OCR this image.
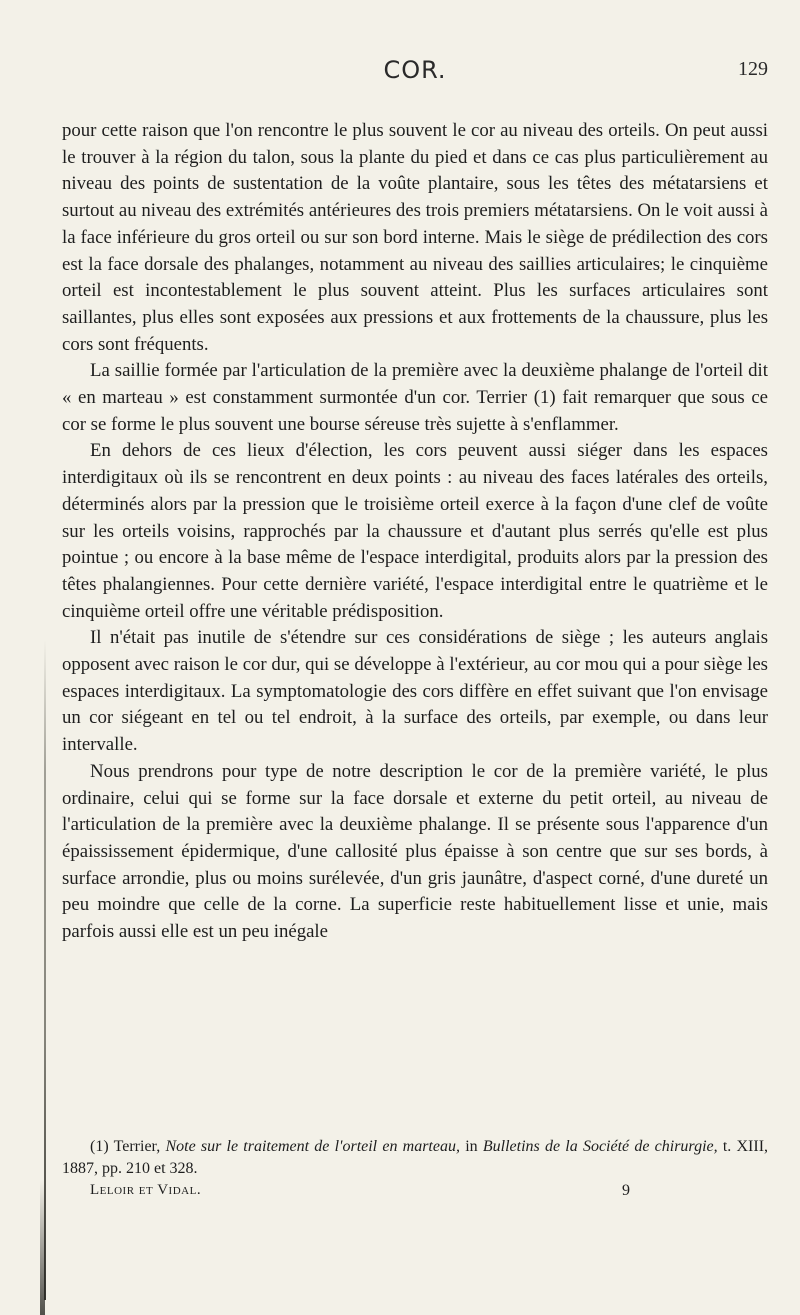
COR.	129

pour cette raison que l'on rencontre le plus souvent le cor au niveau des orteils. On peut aussi le trouver à la région du talon, sous la plante du pied et dans ce cas plus particulièrement au niveau des points de sustentation de la voûte plantaire, sous les têtes des métatarsiens et surtout au niveau des extrémités antérieures des trois premiers métatarsiens. On le voit aussi à la face inférieure du gros orteil ou sur son bord interne. Mais le siège de prédilection des cors est la face dorsale des phalanges, notamment au niveau des saillies articulaires; le cinquième orteil est incontestablement le plus souvent atteint. Plus les surfaces articulaires sont saillantes, plus elles sont exposées aux pressions et aux frottements de la chaussure, plus les cors sont fréquents.

La saillie formée par l'articulation de la première avec la deuxième phalange de l'orteil dit « en marteau » est constamment surmontée d'un cor. Terrier (1) fait remarquer que sous ce cor se forme le plus souvent une bourse séreuse très sujette à s'enflammer.

En dehors de ces lieux d'élection, les cors peuvent aussi siéger dans les espaces interdigitaux où ils se rencontrent en deux points : au niveau des faces latérales des orteils, déterminés alors par la pression que le troisième orteil exerce à la façon d'une clef de voûte sur les orteils voisins, rapprochés par la chaussure et d'autant plus serrés qu'elle est plus pointue ; ou encore à la base même de l'espace interdigital, produits alors par la pression des têtes phalangiennes. Pour cette dernière variété, l'espace interdigital entre le quatrième et le cinquième orteil offre une véritable prédisposition.

Il n'était pas inutile de s'étendre sur ces considérations de siège ; les auteurs anglais opposent avec raison le cor dur, qui se développe à l'extérieur, au cor mou qui a pour siège les espaces interdigitaux. La symptomatologie des cors diffère en effet suivant que l'on envisage un cor siégeant en tel ou tel endroit, à la surface des orteils, par exemple, ou dans leur intervalle.

Nous prendrons pour type de notre description le cor de la première variété, le plus ordinaire, celui qui se forme sur la face dorsale et externe du petit orteil, au niveau de l'articulation de la première avec la deuxième phalange. Il se présente sous l'apparence d'un épaississement épidermique, d'une callosité plus épaisse à son centre que sur ses bords, à surface arrondie, plus ou moins surélevée, d'un gris jaunâtre, d'aspect corné, d'une dureté un peu moindre que celle de la corne. La superficie reste habituellement lisse et unie, mais parfois aussi elle est un peu inégale

(1) Terrier, Note sur le traitement de l'orteil en marteau, in Bulletins de la Société de chirurgie, t. XIII, 1887, pp. 210 et 328.

Leloir et Vidal.	9
